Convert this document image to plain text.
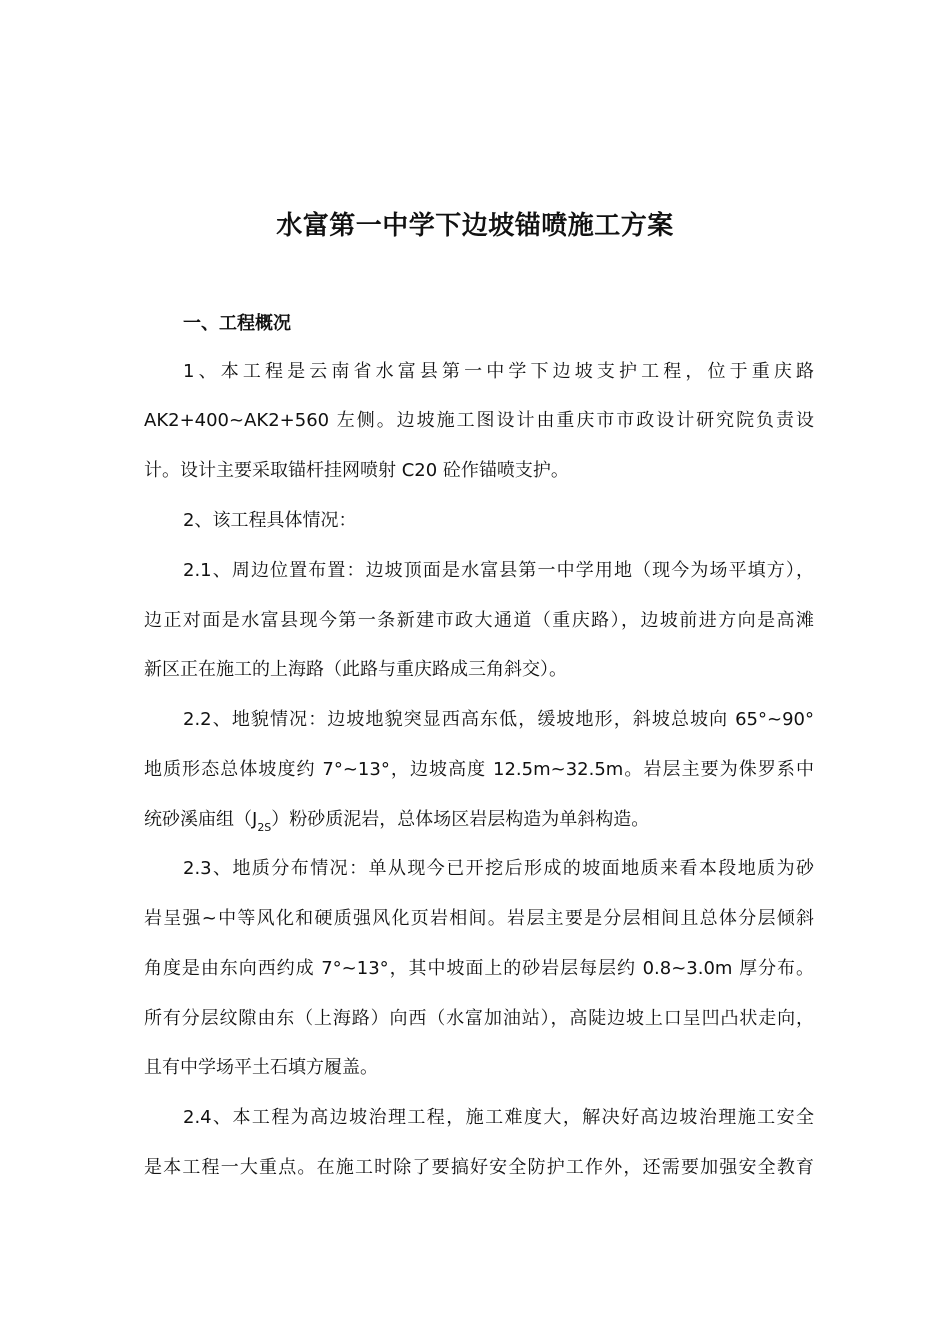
水富第一中学下边坡锚喷施工方案
一、工程概况
1、本工程是云南省水富县第一中学下边坡支护工程，位于重庆路
AK2+400~AK2+560 左侧。边坡施工图设计由重庆市市政设计研究院负责设
计。设计主要采取锚杆挂网喷射 C20 砼作锚喷支护。
2、该工程具体情况：
2.1、周边位置布置：边坡顶面是水富县第一中学用地（现今为场平填方），
边正对面是水富县现今第一条新建市政大通道（重庆路），边坡前进方向是高滩
新区正在施工的上海路（此路与重庆路成三角斜交）。
2.2、地貌情况：边坡地貌突显西高东低，缓坡地形，斜坡总坡向 65°~90°
地质形态总体坡度约 7°~13°，边坡高度 12.5m~32.5m。岩层主要为侏罗系中
统砂溪庙组$(J_{2S})$粉砂质泥岩，总体场区岩层构造为单斜构造。
2.3、地质分布情况：单从现今已开挖后形成的坡面地质来看本段地质为砂
岩呈强~中等风化和硬质强风化页岩相间。岩层主要是分层相间且总体分层倾斜
角度是由东向西约成 7°~13°，其中坡面上的砂岩层每层约 0.8~3.0m 厚分布。
所有分层纹隙由东（上海路）向西（水富加油站），高陡边坡上口呈凹凸状走向，
且有中学场平土石填方履盖。
2.4、本工程为高边坡治理工程，施工难度大，解决好高边坡治理施工安全
是本工程一大重点。在施工时除了要搞好安全防护工作外，还需要加强安全教育
